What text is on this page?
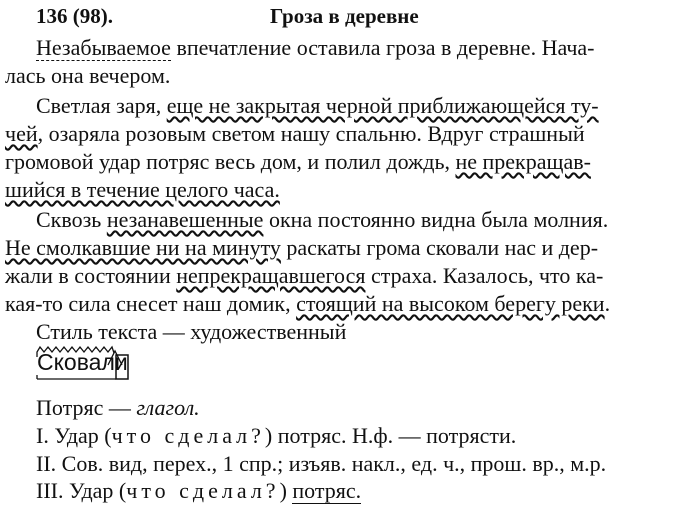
136 (98).	Гроза в деревне
Незабываемое впечатление оставила гроза в деревне. Нача-
лась она вечером.
Светлая заря, еще не закрытая черной приближающейся ту-
чей, озаряла розовым светом нашу спальню. Вдруг страшный
громовой удар потряс весь дом, и полил дождь, не прекращав-
шийся в течение целого часа.
Сквозь незанавешенные окна постоянно видна была молния.
Не смолкавшие ни на минуту раскаты грома сковали нас и дер-
жали в состоянии непрекращавшегося страха. Казалось, что ка-
кая-то сила снесет наш домик, стоящий на высоком берегу реки.
Стиль текста — художественный
Сковали
Потряс — глагол.
I. Удар (что сделал?) потряс. Н.ф. — потрясти.
II. Сов. вид, перех., 1 спр.; изъяв. накл., ед. ч., прош. вр., м.р.
III. Удар (что сделал?) потряс.
